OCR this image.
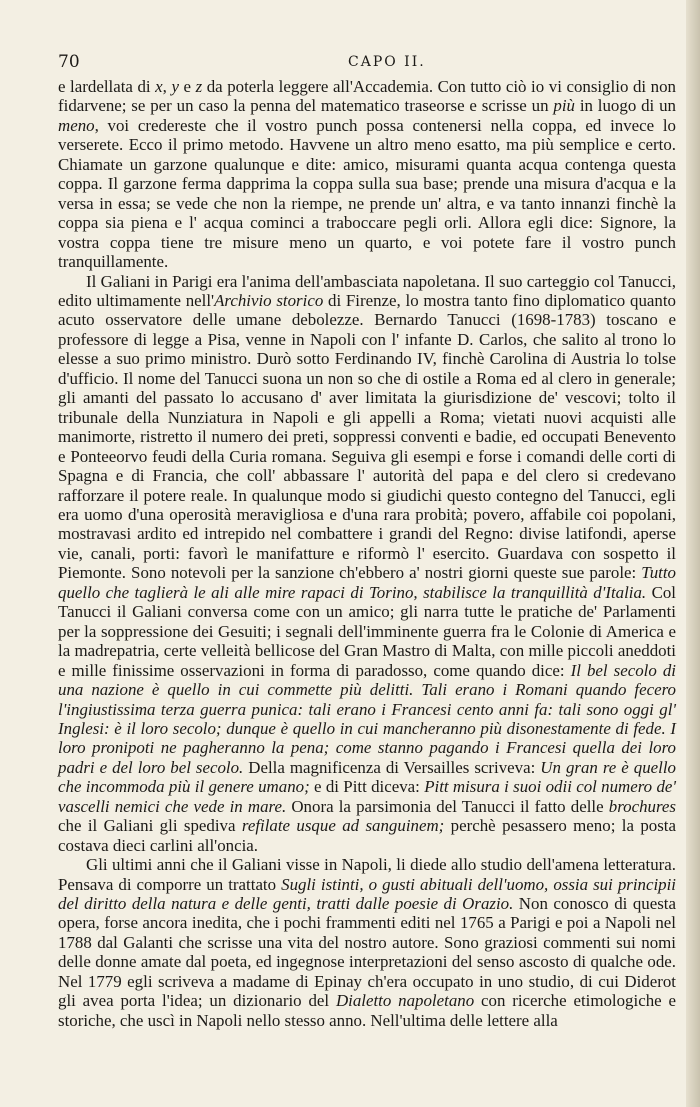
70	CAPO II.

e lardellata di x, y e z da poterla leggere all'Accademia. Con tutto ciò io vi consiglio di non fidarvene; se per un caso la penna del matematico traseorse e scrisse un più in luogo di un meno, voi credereste che il vostro punch possa contenersi nella coppa, ed invece lo verserete. Ecco il primo metodo. Havvene un altro meno esatto, ma più semplice e certo. Chiamate un garzone qualunque e dite: amico, misurami quanta acqua contenga questa coppa. Il garzone ferma dapprima la coppa sulla sua base; prende una misura d'acqua e la versa in essa; se vede che non la riempe, ne prende un' altra, e va tanto innanzi finchè la coppa sia piena e l' acqua cominci a traboccare pegli orli. Allora egli dice: Signore, la vostra coppa tiene tre misure meno un quarto, e voi potete fare il vostro punch tranquillamente.

Il Galiani in Parigi era l'anima dell'ambasciata napoletana. Il suo carteggio col Tanucci, edito ultimamente nell'Archivio storico di Firenze, lo mostra tanto fino diplomatico quanto acuto osservatore delle umane debolezze. Bernardo Tanucci (1698-1783) toscano e professore di legge a Pisa, venne in Napoli con l' infante D. Carlos, che salito al trono lo elesse a suo primo ministro. Durò sotto Ferdinando IV, finchè Carolina di Austria lo tolse d'ufficio. Il nome del Tanucci suona un non so che di ostile a Roma ed al clero in generale; gli amanti del passato lo accusano d' aver limitata la giurisdizione de' vescovi; tolto il tribunale della Nunziatura in Napoli e gli appelli a Roma; vietati nuovi acquisti alle manimorte, ristretto il numero dei preti, soppressi conventi e badie, ed occupati Benevento e Ponteeorvo feudi della Curia romana. Seguiva gli esempi e forse i comandi delle corti di Spagna e di Francia, che coll' abbassare l' autorità del papa e del clero si credevano rafforzare il potere reale. In qualunque modo si giudichi questo contegno del Tanucci, egli era uomo d'una operosità meravigliosa e d'una rara probità; povero, affabile coi popolani, mostravasi ardito ed intrepido nel combattere i grandi del Regno: divise latifondi, aperse vie, canali, porti: favorì le manifatture e riformò l' esercito. Guardava con sospetto il Piemonte. Sono notevoli per la sanzione ch'ebbero a' nostri giorni queste sue parole: Tutto quello che taglierà le ali alle mire rapaci di Torino, stabilisce la tranquillità d'Italia. Col Tanucci il Galiani conversa come con un amico; gli narra tutte le pratiche de' Parlamenti per la soppressione dei Gesuiti; i segnali dell'imminente guerra fra le Colonie di America e la madrepatria, certe velleità bellicose del Gran Mastro di Malta, con mille piccoli aneddoti e mille finissime osservazioni in forma di paradosso, come quando dice: Il bel secolo di una nazione è quello in cui commette più delitti. Tali erano i Romani quando fecero l'ingiustissima terza guerra punica: tali erano i Francesi cento anni fa: tali sono oggi gl' Inglesi: è il loro secolo; dunque è quello in cui mancheranno più disonestamente di fede. I loro pronipoti ne pagheranno la pena; come stanno pagando i Francesi quella dei loro padri e del loro bel secolo. Della magnificenza di Versailles scriveva: Un gran re è quello che incommoda più il genere umano; e di Pitt diceva: Pitt misura i suoi odii col numero de' vascelli nemici che vede in mare. Onora la parsimonia del Tanucci il fatto delle brochures che il Galiani gli spediva refilate usque ad sanguinem; perchè pesassero meno; la posta costava dieci carlini all'oncia.

Gli ultimi anni che il Galiani visse in Napoli, li diede allo studio dell'amena letteratura. Pensava di comporre un trattato Sugli istinti, o gusti abituali dell'uomo, ossia sui principii del diritto della natura e delle genti, tratti dalle poesie di Orazio. Non conosco di questa opera, forse ancora inedita, che i pochi frammenti editi nel 1765 a Parigi e poi a Napoli nel 1788 dal Galanti che scrisse una vita del nostro autore. Sono graziosi commenti sui nomi delle donne amate dal poeta, ed ingegnose interpretazioni del senso ascosto di qualche ode. Nel 1779 egli scriveva a madame di Epinay ch'era occupato in uno studio, di cui Diderot gli avea porta l'idea; un dizionario del Dialetto napoletano con ricerche etimologiche e storiche, che uscì in Napoli nello stesso anno. Nell'ultima delle lettere alla
